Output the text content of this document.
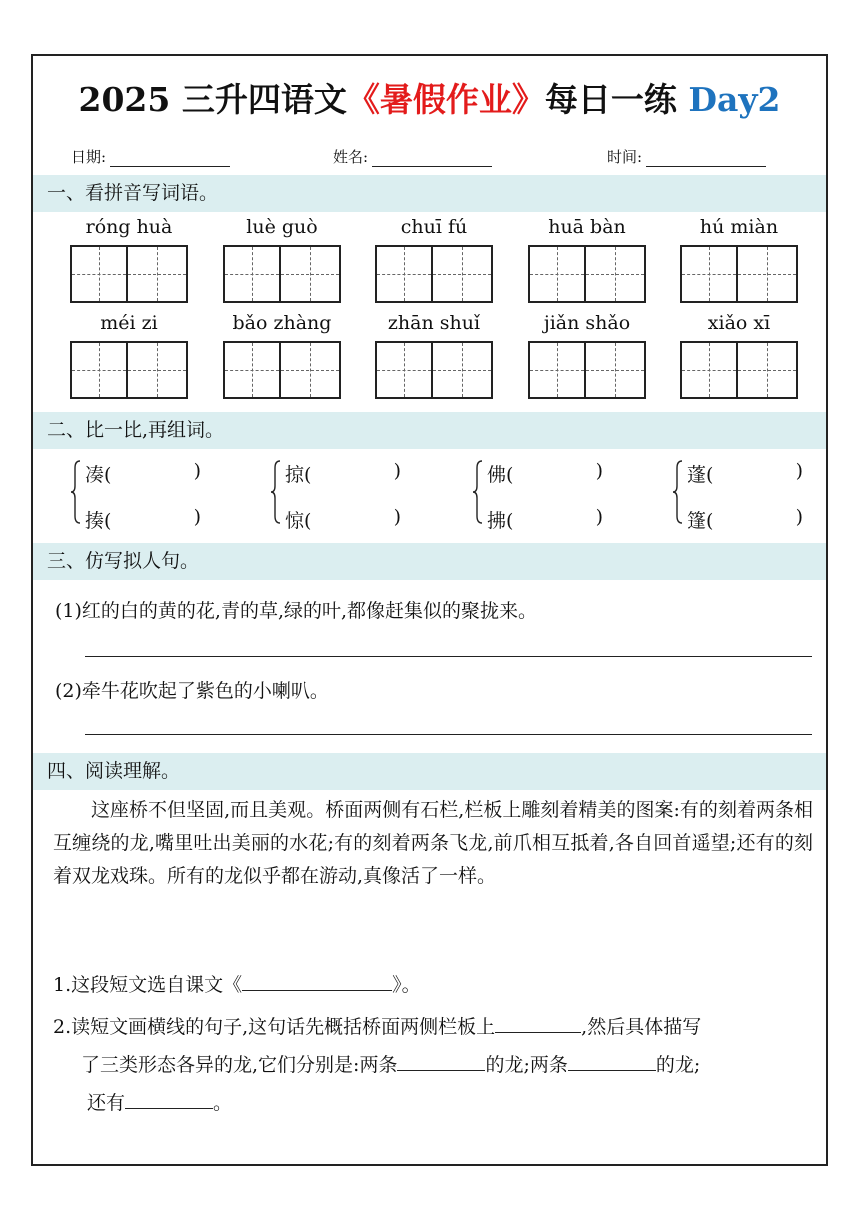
2025 三升四语文《暑假作业》每日一练 Day2
日期:	姓名:	时间:
一、看拼音写词语。
róng huà	luè guò	chuī fú	huā bàn	hú miàn
méi zi	bǎo zhàng	zhān shuǐ	jiǎn shǎo	xiǎo xī
二、比一比,再组词。
凑(	)
揍(	)
掠(	)
惊(	)
佛(	)
拂(	)
蓬(	)
篷(	)
三、仿写拟人句。
(1)红的白的黄的花,青的草,绿的叶,都像赶集似的聚拢来。
(2)牵牛花吹起了紫色的小喇叭。
四、阅读理解。
这座桥不但坚固,而且美观。桥面两侧有石栏,栏板上雕刻着精美的图案:有的刻着两条相互缠绕的龙,嘴里吐出美丽的水花;有的刻着两条飞龙,前爪相互抵着,各自回首遥望;还有的刻着双龙戏珠。所有的龙似乎都在游动,真像活了一样。
1.这段短文选自课文《	》。
2.读短文画横线的句子,这句话先概括桥面两侧栏板上	,然后具体描写
了三类形态各异的龙,它们分别是:两条	的龙;两条	的龙;
还有	。
